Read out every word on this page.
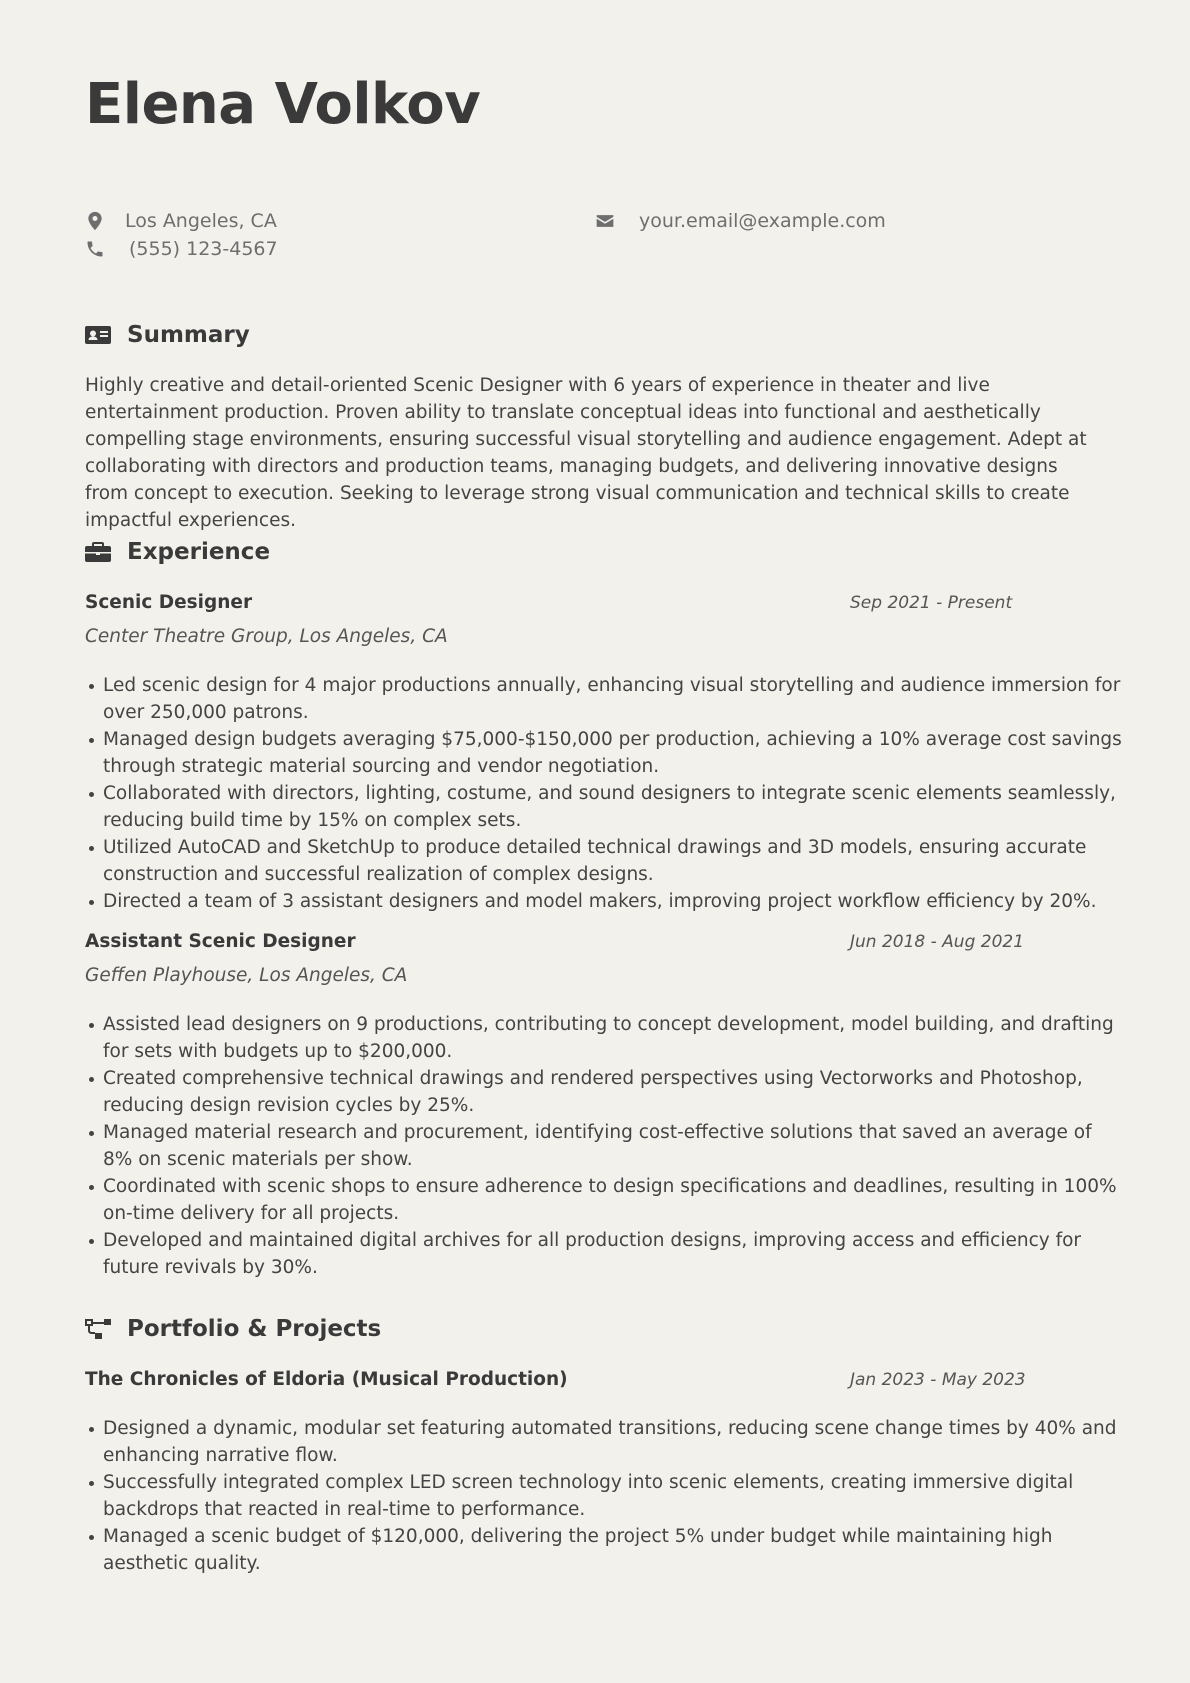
Elena Volkov
Los Angeles, CA
(555) 123-4567
your.email@example.com
Summary

Highly creative and detail-oriented Scenic Designer with 6 years of experience in theater and live entertainment production. Proven ability to translate conceptual ideas into functional and aesthetically compelling stage environments, ensuring successful visual storytelling and audience engagement. Adept at collaborating with directors and production teams, managing budgets, and delivering innovative designs from concept to execution. Seeking to leverage strong visual communication and technical skills to create impactful experiences.

Experience
Scenic Designer	Sep 2021 - Present
Center Theatre Group, Los Angeles, CA
Led scenic design for 4 major productions annually, enhancing visual storytelling and audience immersion for over 250,000 patrons.
Managed design budgets averaging $75,000-$150,000 per production, achieving a 10% average cost savings through strategic material sourcing and vendor negotiation.
Collaborated with directors, lighting, costume, and sound designers to integrate scenic elements seamlessly, reducing build time by 15% on complex sets.
Utilized AutoCAD and SketchUp to produce detailed technical drawings and 3D models, ensuring accurate construction and successful realization of complex designs.
Directed a team of 3 assistant designers and model makers, improving project workflow efficiency by 20%.
Assistant Scenic Designer	Jun 2018 - Aug 2021
Geffen Playhouse, Los Angeles, CA
Assisted lead designers on 9 productions, contributing to concept development, model building, and drafting for sets with budgets up to $200,000.
Created comprehensive technical drawings and rendered perspectives using Vectorworks and Photoshop, reducing design revision cycles by 25%.
Managed material research and procurement, identifying cost-effective solutions that saved an average of 8% on scenic materials per show.
Coordinated with scenic shops to ensure adherence to design specifications and deadlines, resulting in 100% on-time delivery for all projects.
Developed and maintained digital archives for all production designs, improving access and efficiency for future revivals by 30%.
Portfolio & Projects
The Chronicles of Eldoria (Musical Production)	Jan 2023 - May 2023
Designed a dynamic, modular set featuring automated transitions, reducing scene change times by 40% and enhancing narrative flow.
Successfully integrated complex LED screen technology into scenic elements, creating immersive digital backdrops that reacted in real-time to performance.
Managed a scenic budget of $120,000, delivering the project 5% under budget while maintaining high aesthetic quality.
